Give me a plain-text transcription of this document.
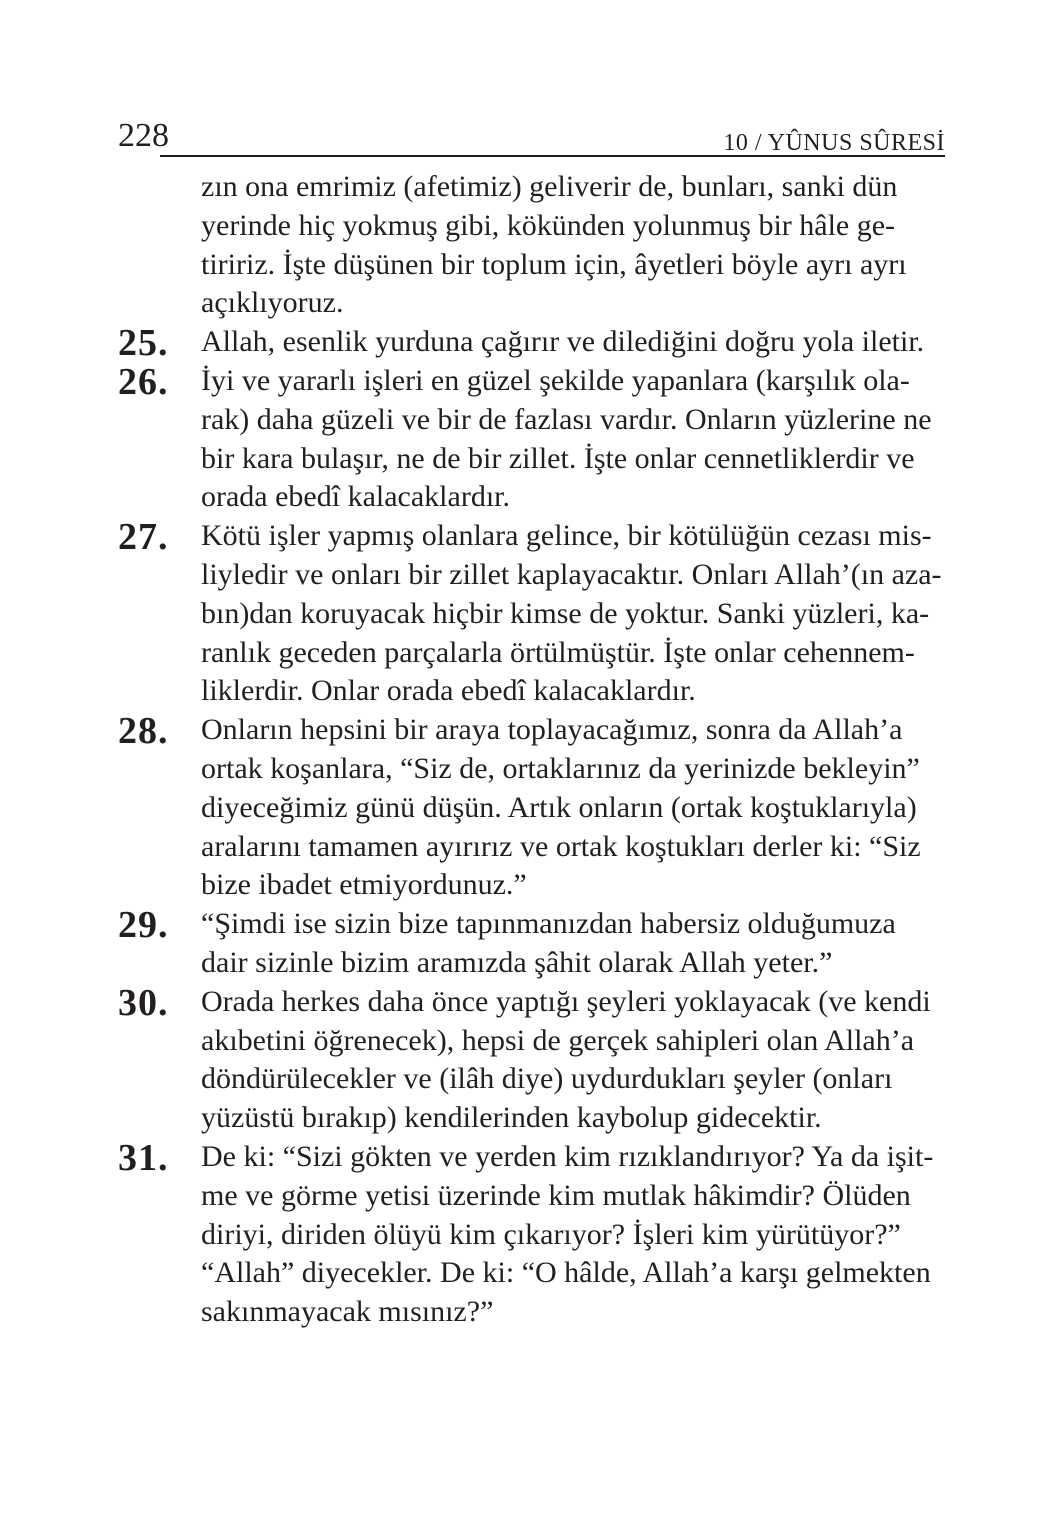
228	10 / YÛNUS SÛRESİ
zın ona emrimiz (afetimiz) geliverir de, bunları, sanki dün
yerinde hiç yokmuş gibi, kökünden yolunmuş bir hâle ge-
tiririz. İşte düşünen bir toplum için, âyetleri böyle ayrı ayrı
açıklıyoruz.
25. Allah, esenlik yurduna çağırır ve dilediğini doğru yola iletir.
26. İyi ve yararlı işleri en güzel şekilde yapanlara (karşılık ola-
rak) daha güzeli ve bir de fazlası vardır. Onların yüzlerine ne
bir kara bulaşır, ne de bir zillet. İşte onlar cennetliklerdir ve
orada ebedî kalacaklardır.
27. Kötü işler yapmış olanlara gelince, bir kötülüğün cezası mis-
liyledir ve onları bir zillet kaplayacaktır. Onları Allah’(ın aza-
bın)dan koruyacak hiçbir kimse de yoktur. Sanki yüzleri, ka-
ranlık geceden parçalarla örtülmüştür. İşte onlar cehennem-
liklerdir. Onlar orada ebedî kalacaklardır.
28. Onların hepsini bir araya toplayacağımız, sonra da Allah’a
ortak koşanlara, “Siz de, ortaklarınız da yerinizde bekleyin”
diyeceğimiz günü düşün. Artık onların (ortak koştuklarıyla)
aralarını tamamen ayırırız ve ortak koştukları derler ki: “Siz
bize ibadet etmiyordunuz.”
29. “Şimdi ise sizin bize tapınmanızdan habersiz olduğumuza
dair sizinle bizim aramızda şâhit olarak Allah yeter.”
30. Orada herkes daha önce yaptığı şeyleri yoklayacak (ve kendi
akıbetini öğrenecek), hepsi de gerçek sahipleri olan Allah’a
döndürülecekler ve (ilâh diye) uydurdukları şeyler (onları
yüzüstü bırakıp) kendilerinden kaybolup gidecektir.
31. De ki: “Sizi gökten ve yerden kim rızıklandırıyor? Ya da işit-
me ve görme yetisi üzerinde kim mutlak hâkimdir? Ölüden
diriyi, diriden ölüyü kim çıkarıyor? İşleri kim yürütüyor?”
“Allah” diyecekler. De ki: “O hâlde, Allah’a karşı gelmekten
sakınmayacak mısınız?”
